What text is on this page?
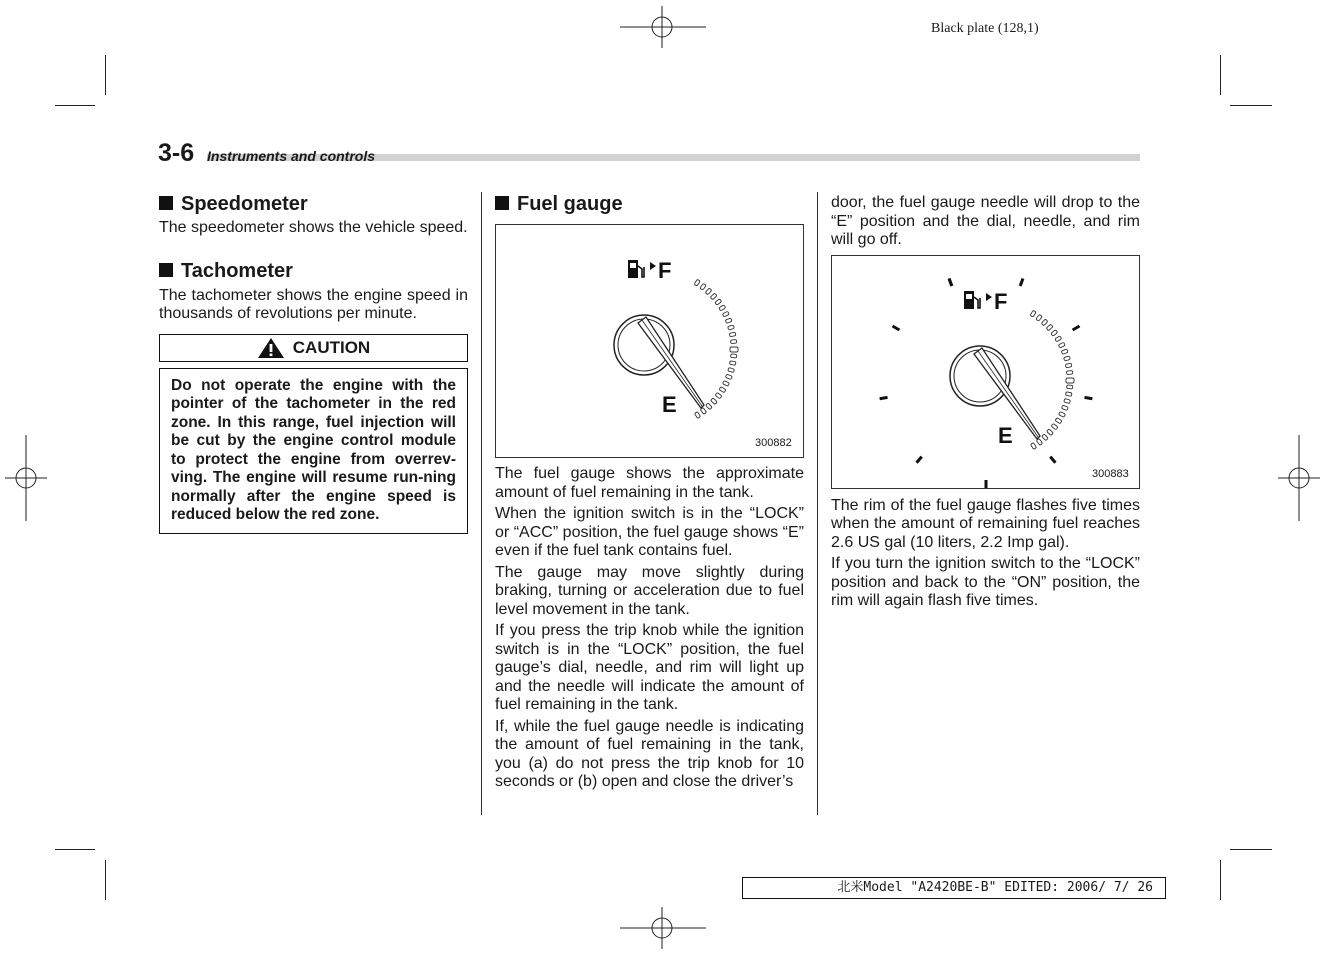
Black plate (128,1)
3-6 Instruments and controls
Speedometer

The speedometer shows the vehicle speed.

Tachometer

The tachometer shows the engine speed in thousands of revolutions per minute.

CAUTION

Do not operate the engine with the pointer of the tachometer in the red zone. In this range, fuel injection will be cut by the engine control module to protect the engine from overrev-ving. The engine will resume run-ning normally after the engine speed is reduced below the red zone.

Fuel gauge
F
E
300882

The fuel gauge shows the approximate amount of fuel remaining in the tank.

When the ignition switch is in the “LOCK” or “ACC” position, the fuel gauge shows “E” even if the fuel tank contains fuel.

The gauge may move slightly during braking, turning or acceleration due to fuel level movement in the tank.

If you press the trip knob while the ignition switch is in the “LOCK” position, the fuel gauge’s dial, needle, and rim will light up and the needle will indicate the amount of fuel remaining in the tank.

If, while the fuel gauge needle is indicating the amount of fuel remaining in the tank, you (a) do not press the trip knob for 10 seconds or (b) open and close the driver’s

door, the fuel gauge needle will drop to the “E” position and the dial, needle, and rim will go off.

F
E
300883

The rim of the fuel gauge flashes five times when the amount of remaining fuel reaches 2.6 US gal (10 liters, 2.2 Imp gal).

If you turn the ignition switch to the “LOCK” position and back to the “ON” position, the rim will again flash five times.

北米Model "A2420BE-B" EDITED: 2006/ 7/ 26
